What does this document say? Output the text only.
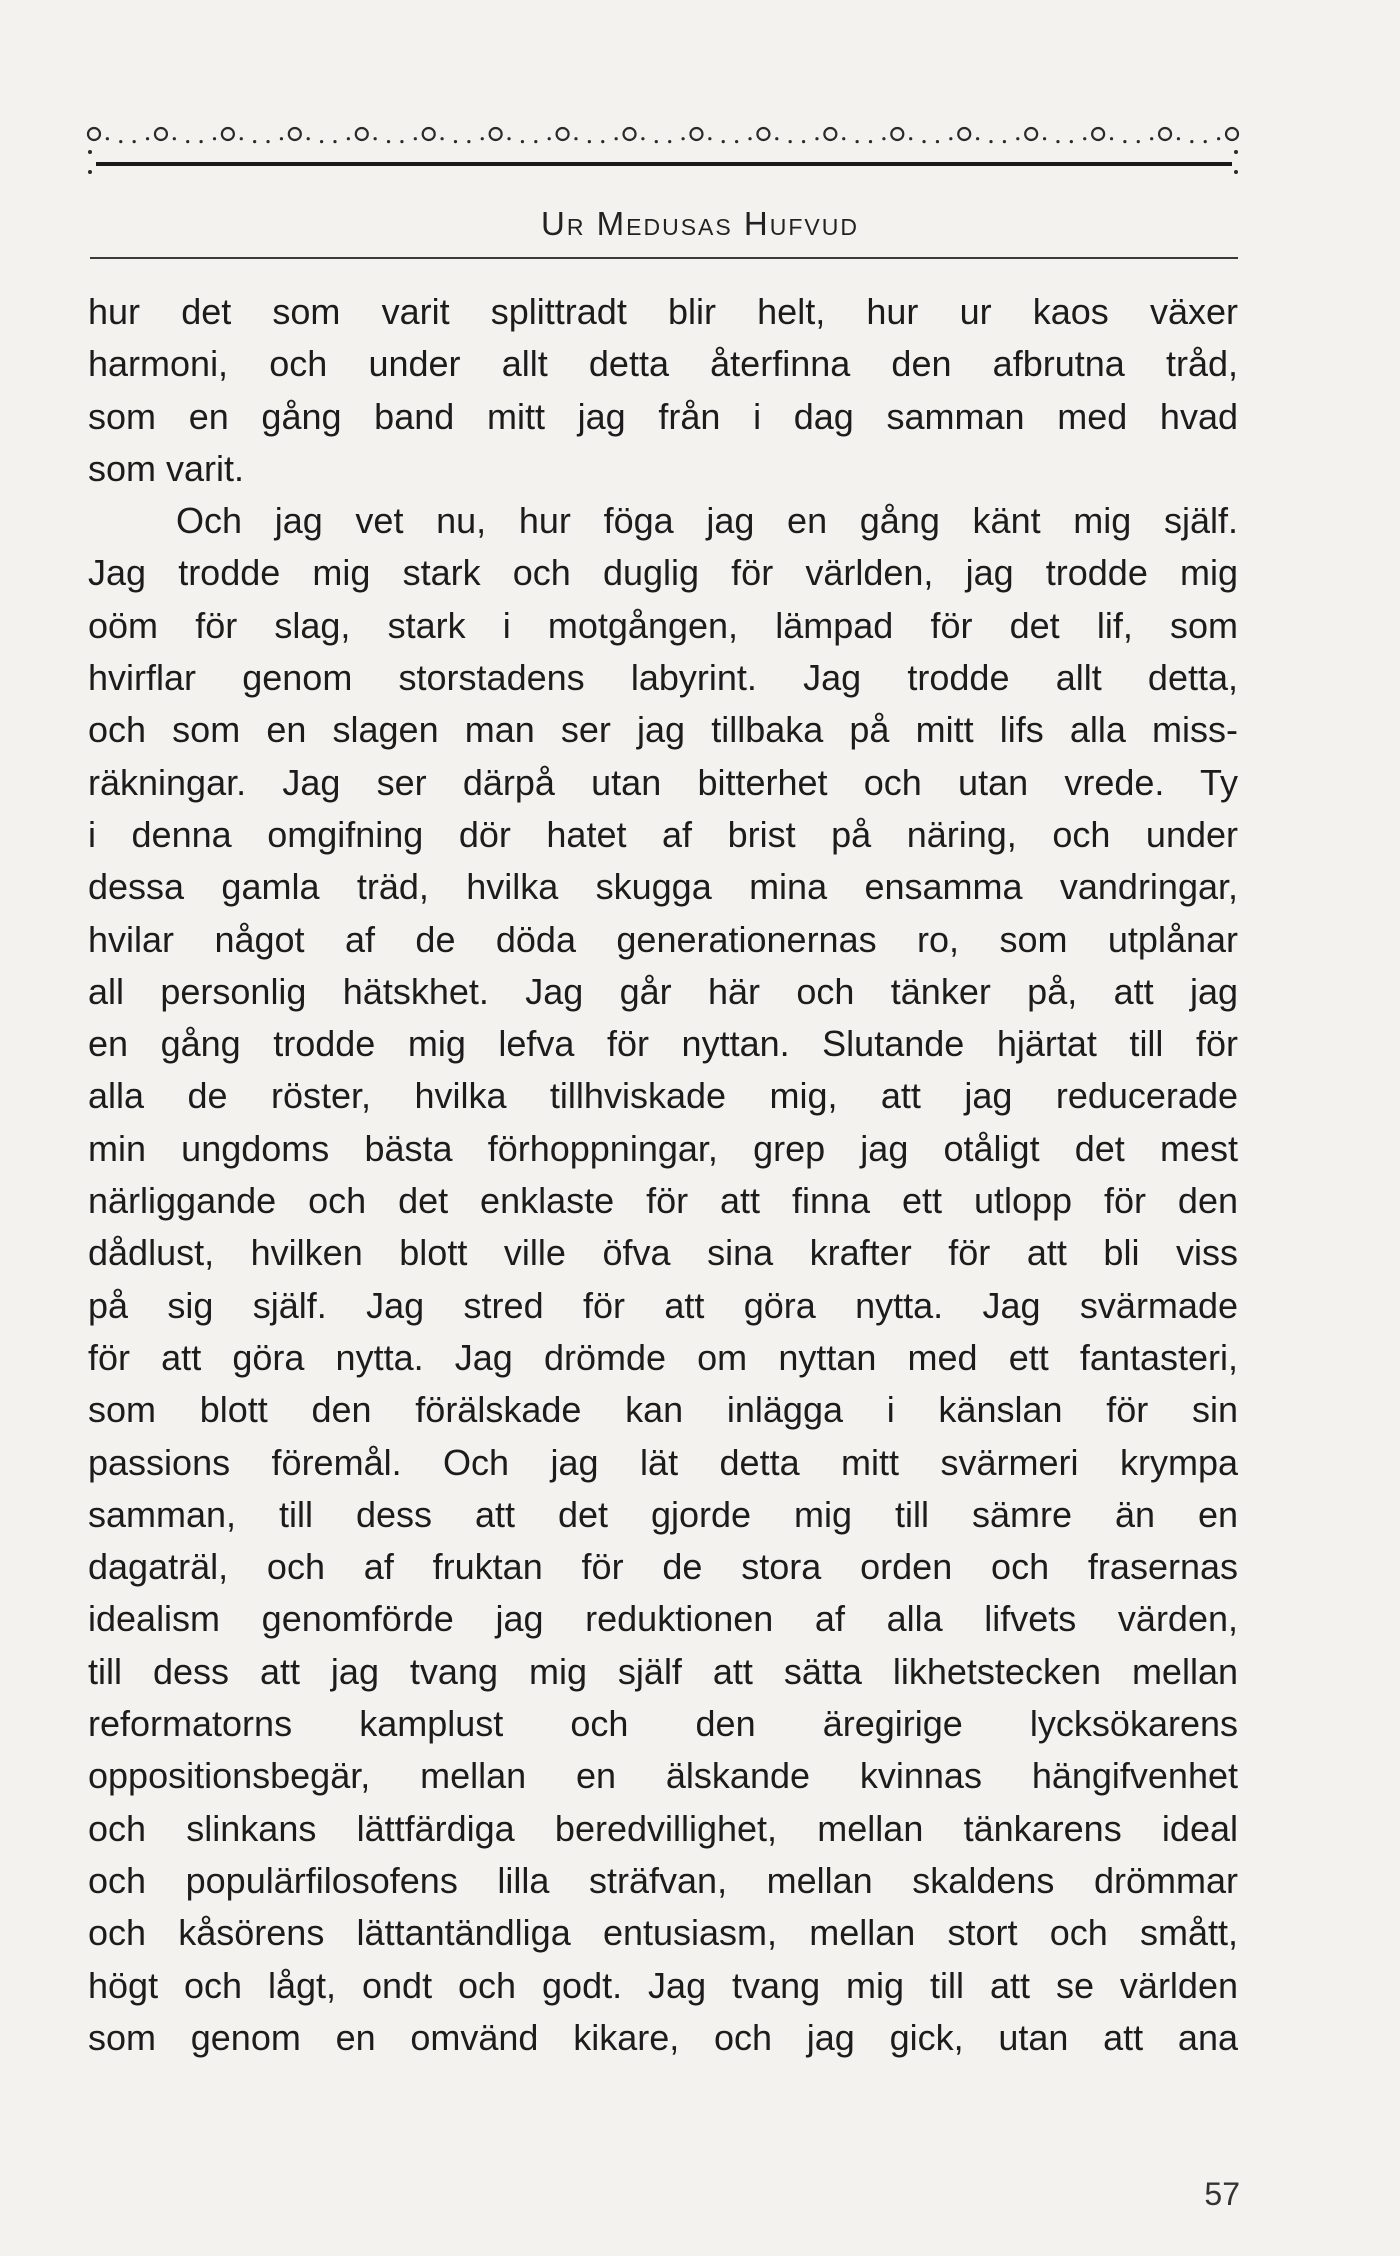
Ur Medusas Hufvud
hur det som varit splittradt blir helt, hur ur kaos växer
harmoni, och under allt detta återfinna den afbrutna tråd,
som en gång band mitt jag från i dag samman med hvad
som varit.
Och jag vet nu, hur föga jag en gång känt mig själf.
Jag trodde mig stark och duglig för världen, jag trodde mig
oöm för slag, stark i motgången, lämpad för det lif, som
hvirflar genom storstadens labyrint. Jag trodde allt detta,
och som en slagen man ser jag tillbaka på mitt lifs alla miss-
räkningar. Jag ser därpå utan bitterhet och utan vrede. Ty
i denna omgifning dör hatet af brist på näring, och under
dessa gamla träd, hvilka skugga mina ensamma vandringar,
hvilar något af de döda generationernas ro, som utplånar
all personlig hätskhet. Jag går här och tänker på, att jag
en gång trodde mig lefva för nyttan. Slutande hjärtat till för
alla de röster, hvilka tillhviskade mig, att jag reducerade
min ungdoms bästa förhoppningar, grep jag otåligt det mest
närliggande och det enklaste för att finna ett utlopp för den
dådlust, hvilken blott ville öfva sina krafter för att bli viss
på sig själf. Jag stred för att göra nytta. Jag svärmade
för att göra nytta. Jag drömde om nyttan med ett fantasteri,
som blott den förälskade kan inlägga i känslan för sin
passions föremål. Och jag lät detta mitt svärmeri krympa
samman, till dess att det gjorde mig till sämre än en
dagaträl, och af fruktan för de stora orden och frasernas
idealism genomförde jag reduktionen af alla lifvets värden,
till dess att jag tvang mig själf att sätta likhetstecken mellan
reformatorns kamplust och den äregirige lycksökarens
oppositionsbegär, mellan en älskande kvinnas hängifvenhet
och slinkans lättfärdiga beredvillighet, mellan tänkarens ideal
och populärfilosofens lilla sträfvan, mellan skaldens drömmar
och kåsörens lättantändliga entusiasm, mellan stort och smått,
högt och lågt, ondt och godt. Jag tvang mig till att se världen
som genom en omvänd kikare, och jag gick, utan att ana
57
